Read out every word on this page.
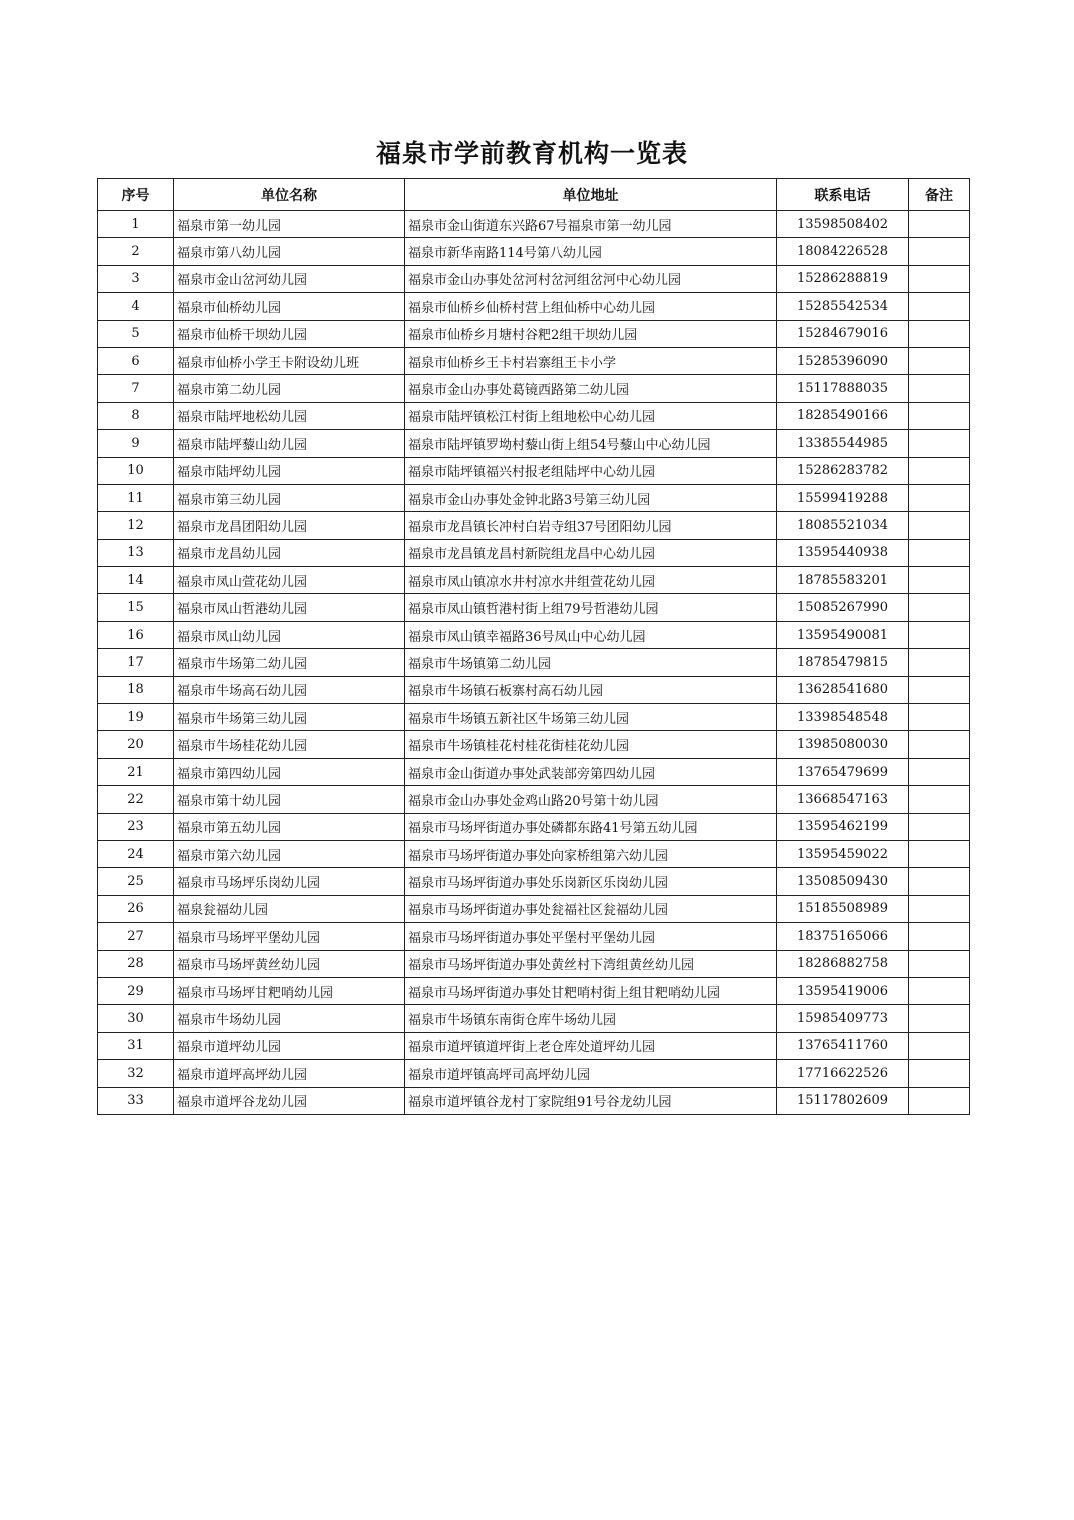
福泉市学前教育机构一览表
序号	单位名称	单位地址	联系电话	备注
1	福泉市第一幼儿园	福泉市金山街道东兴路67号福泉市第一幼儿园	13598508402	
2	福泉市第八幼儿园	福泉市新华南路114号第八幼儿园	18084226528	
3	福泉市金山岔河幼儿园	福泉市金山办事处岔河村岔河组岔河中心幼儿园	15286288819	
4	福泉市仙桥幼儿园	福泉市仙桥乡仙桥村营上组仙桥中心幼儿园	15285542534	
5	福泉市仙桥干坝幼儿园	福泉市仙桥乡月塘村谷粑2组干坝幼儿园	15284679016	
6	福泉市仙桥小学王卡附设幼儿班	福泉市仙桥乡王卡村岩寨组王卡小学	15285396090	
7	福泉市第二幼儿园	福泉市金山办事处葛镜西路第二幼儿园	15117888035	
8	福泉市陆坪地松幼儿园	福泉市陆坪镇松江村街上组地松中心幼儿园	18285490166	
9	福泉市陆坪藜山幼儿园	福泉市陆坪镇罗坳村藜山街上组54号藜山中心幼儿园	13385544985	
10	福泉市陆坪幼儿园	福泉市陆坪镇福兴村报老组陆坪中心幼儿园	15286283782	
11	福泉市第三幼儿园	福泉市金山办事处金钟北路3号第三幼儿园	15599419288	
12	福泉市龙昌团阳幼儿园	福泉市龙昌镇长冲村白岩寺组37号团阳幼儿园	18085521034	
13	福泉市龙昌幼儿园	福泉市龙昌镇龙昌村新院组龙昌中心幼儿园	13595440938	
14	福泉市凤山萱花幼儿园	福泉市凤山镇凉水井村凉水井组萱花幼儿园	18785583201	
15	福泉市凤山哲港幼儿园	福泉市凤山镇哲港村街上组79号哲港幼儿园	15085267990	
16	福泉市凤山幼儿园	福泉市凤山镇幸福路36号凤山中心幼儿园	13595490081	
17	福泉市牛场第二幼儿园	福泉市牛场镇第二幼儿园	18785479815	
18	福泉市牛场高石幼儿园	福泉市牛场镇石板寨村高石幼儿园	13628541680	
19	福泉市牛场第三幼儿园	福泉市牛场镇五新社区牛场第三幼儿园	13398548548	
20	福泉市牛场桂花幼儿园	福泉市牛场镇桂花村桂花街桂花幼儿园	13985080030	
21	福泉市第四幼儿园	福泉市金山街道办事处武装部旁第四幼儿园	13765479699	
22	福泉市第十幼儿园	福泉市金山办事处金鸡山路20号第十幼儿园	13668547163	
23	福泉市第五幼儿园	福泉市马场坪街道办事处磷都东路41号第五幼儿园	13595462199	
24	福泉市第六幼儿园	福泉市马场坪街道办事处向家桥组第六幼儿园	13595459022	
25	福泉市马场坪乐岗幼儿园	福泉市马场坪街道办事处乐岗新区乐岗幼儿园	13508509430	
26	福泉瓮福幼儿园	福泉市马场坪街道办事处瓮福社区瓮福幼儿园	15185508989	
27	福泉市马场坪平堡幼儿园	福泉市马场坪街道办事处平堡村平堡幼儿园	18375165066	
28	福泉市马场坪黄丝幼儿园	福泉市马场坪街道办事处黄丝村下湾组黄丝幼儿园	18286882758	
29	福泉市马场坪甘粑哨幼儿园	福泉市马场坪街道办事处甘粑哨村街上组甘粑哨幼儿园	13595419006	
30	福泉市牛场幼儿园	福泉市牛场镇东南街仓库牛场幼儿园	15985409773	
31	福泉市道坪幼儿园	福泉市道坪镇道坪街上老仓库处道坪幼儿园	13765411760	
32	福泉市道坪高坪幼儿园	福泉市道坪镇高坪司高坪幼儿园	17716622526	
33	福泉市道坪谷龙幼儿园	福泉市道坪镇谷龙村丁家院组91号谷龙幼儿园	15117802609	
